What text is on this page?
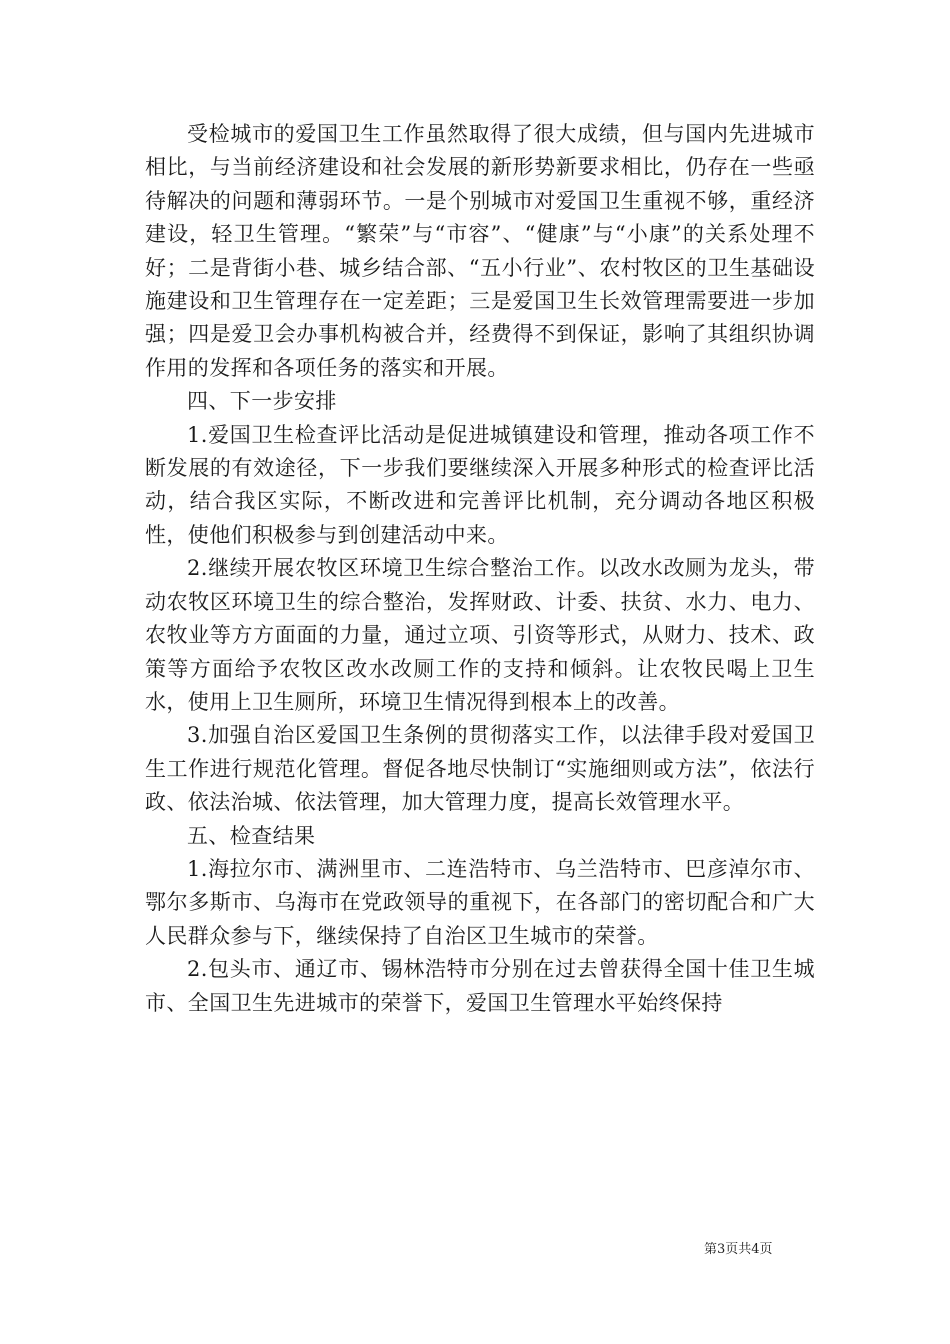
受检城市的爱国卫生工作虽然取得了很大成绩，但与国内先进城市相比，与当前经济建设和社会发展的新形势新要求相比，仍存在一些亟待解决的问题和薄弱环节。一是个别城市对爱国卫生重视不够，重经济建设，轻卫生管理。“繁荣”与“市容”、“健康”与“小康”的关系处理不好；二是背街小巷、城乡结合部、“五小行业”、农村牧区的卫生基础设施建设和卫生管理存在一定差距；三是爱国卫生长效管理需要进一步加强；四是爱卫会办事机构被合并，经费得不到保证，影响了其组织协调作用的发挥和各项任务的落实和开展。

四、下一步安排

1.爱国卫生检查评比活动是促进城镇建设和管理，推动各项工作不断发展的有效途径，下一步我们要继续深入开展多种形式的检查评比活动，结合我区实际，不断改进和完善评比机制，充分调动各地区积极性，使他们积极参与到创建活动中来。

2.继续开展农牧区环境卫生综合整治工作。以改水改厕为龙头，带动农牧区环境卫生的综合整治，发挥财政、计委、扶贫、水力、电力、农牧业等方方面面的力量，通过立项、引资等形式，从财力、技术、政策等方面给予农牧区改水改厕工作的支持和倾斜。让农牧民喝上卫生水，使用上卫生厕所，环境卫生情况得到根本上的改善。

3.加强自治区爱国卫生条例的贯彻落实工作，以法律手段对爱国卫生工作进行规范化管理。督促各地尽快制订“实施细则或方法”，依法行政、依法治城、依法管理，加大管理力度，提高长效管理水平。

五、检查结果

1.海拉尔市、满洲里市、二连浩特市、乌兰浩特市、巴彦淖尔市、鄂尔多斯市、乌海市在党政领导的重视下，在各部门的密切配合和广大人民群众参与下，继续保持了自治区卫生城市的荣誉。

2.包头市、通辽市、锡林浩特市分别在过去曾获得全国十佳卫生城市、全国卫生先进城市的荣誉下，爱国卫生管理水平始终保持

第3页共4页
